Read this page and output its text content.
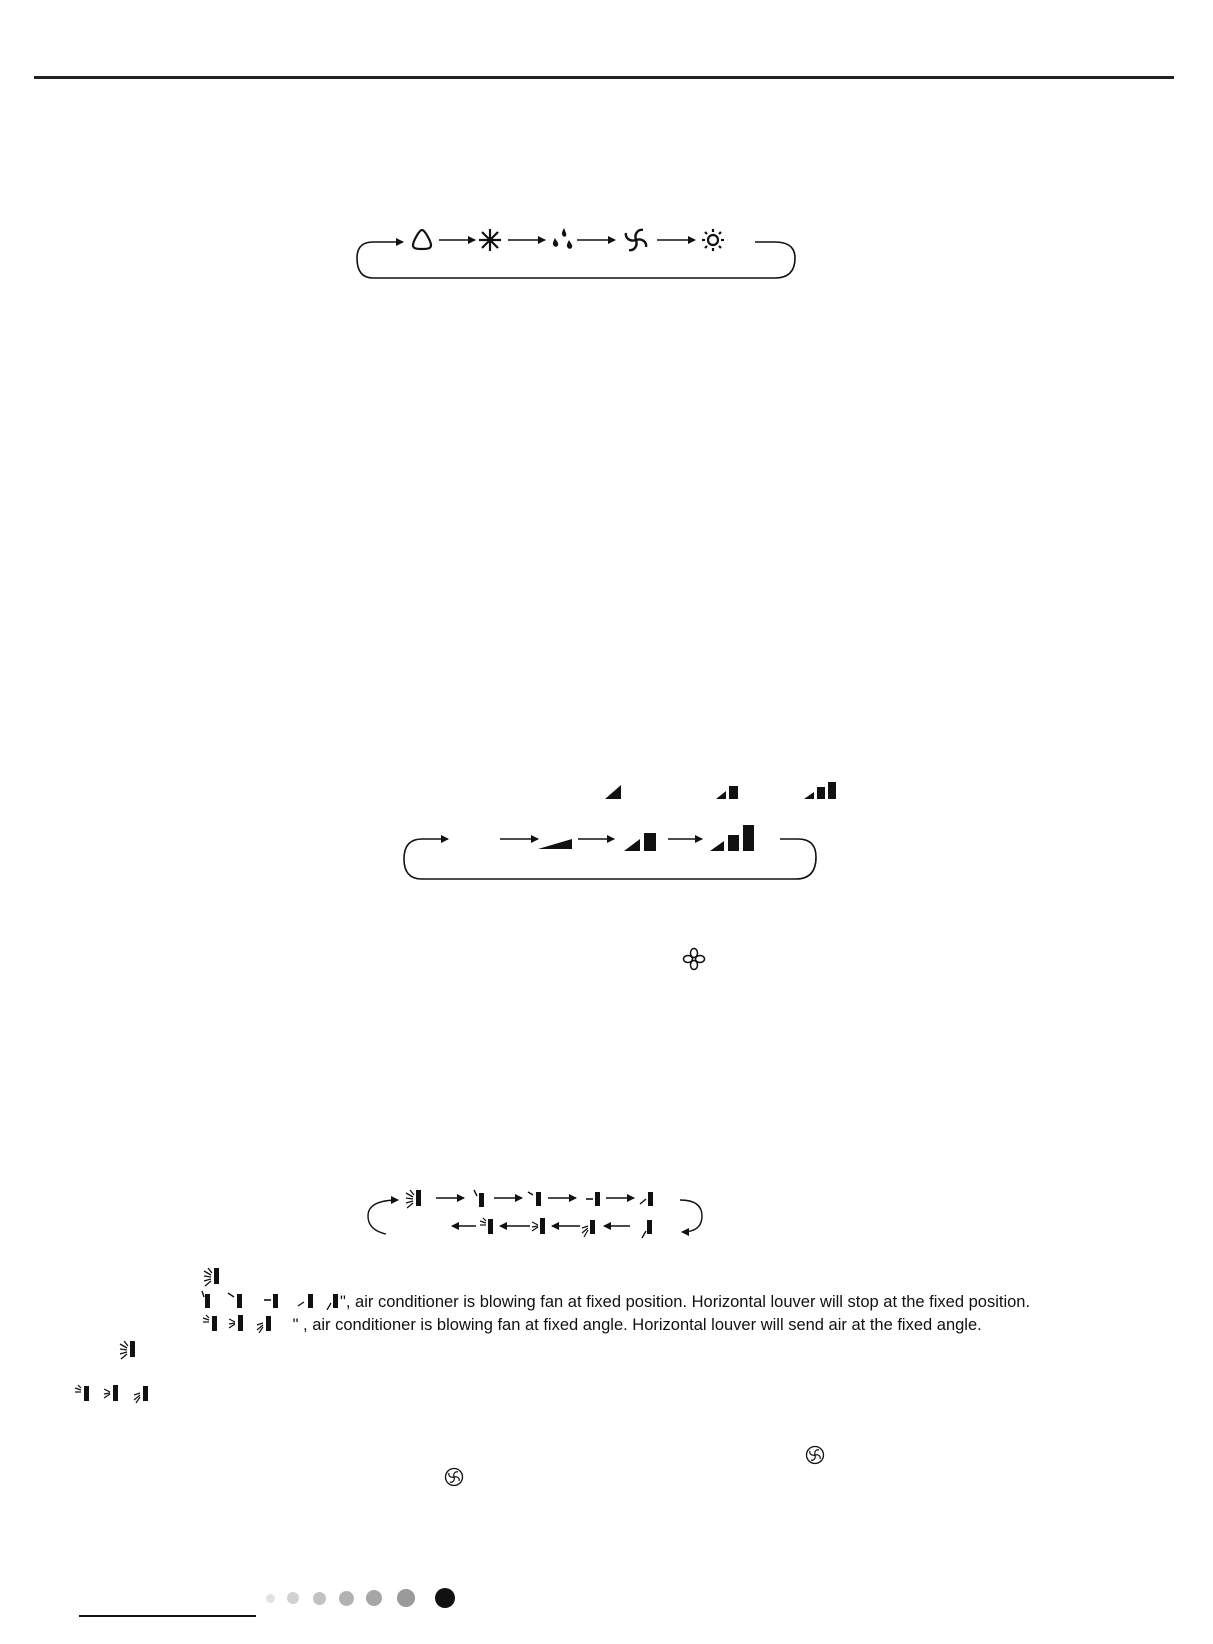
", air conditioner is blowing fan at fixed position. Horizontal louver will stop at the fixed position.
" , air conditioner is blowing fan at fixed angle. Horizontal louver will send air at the fixed angle.
